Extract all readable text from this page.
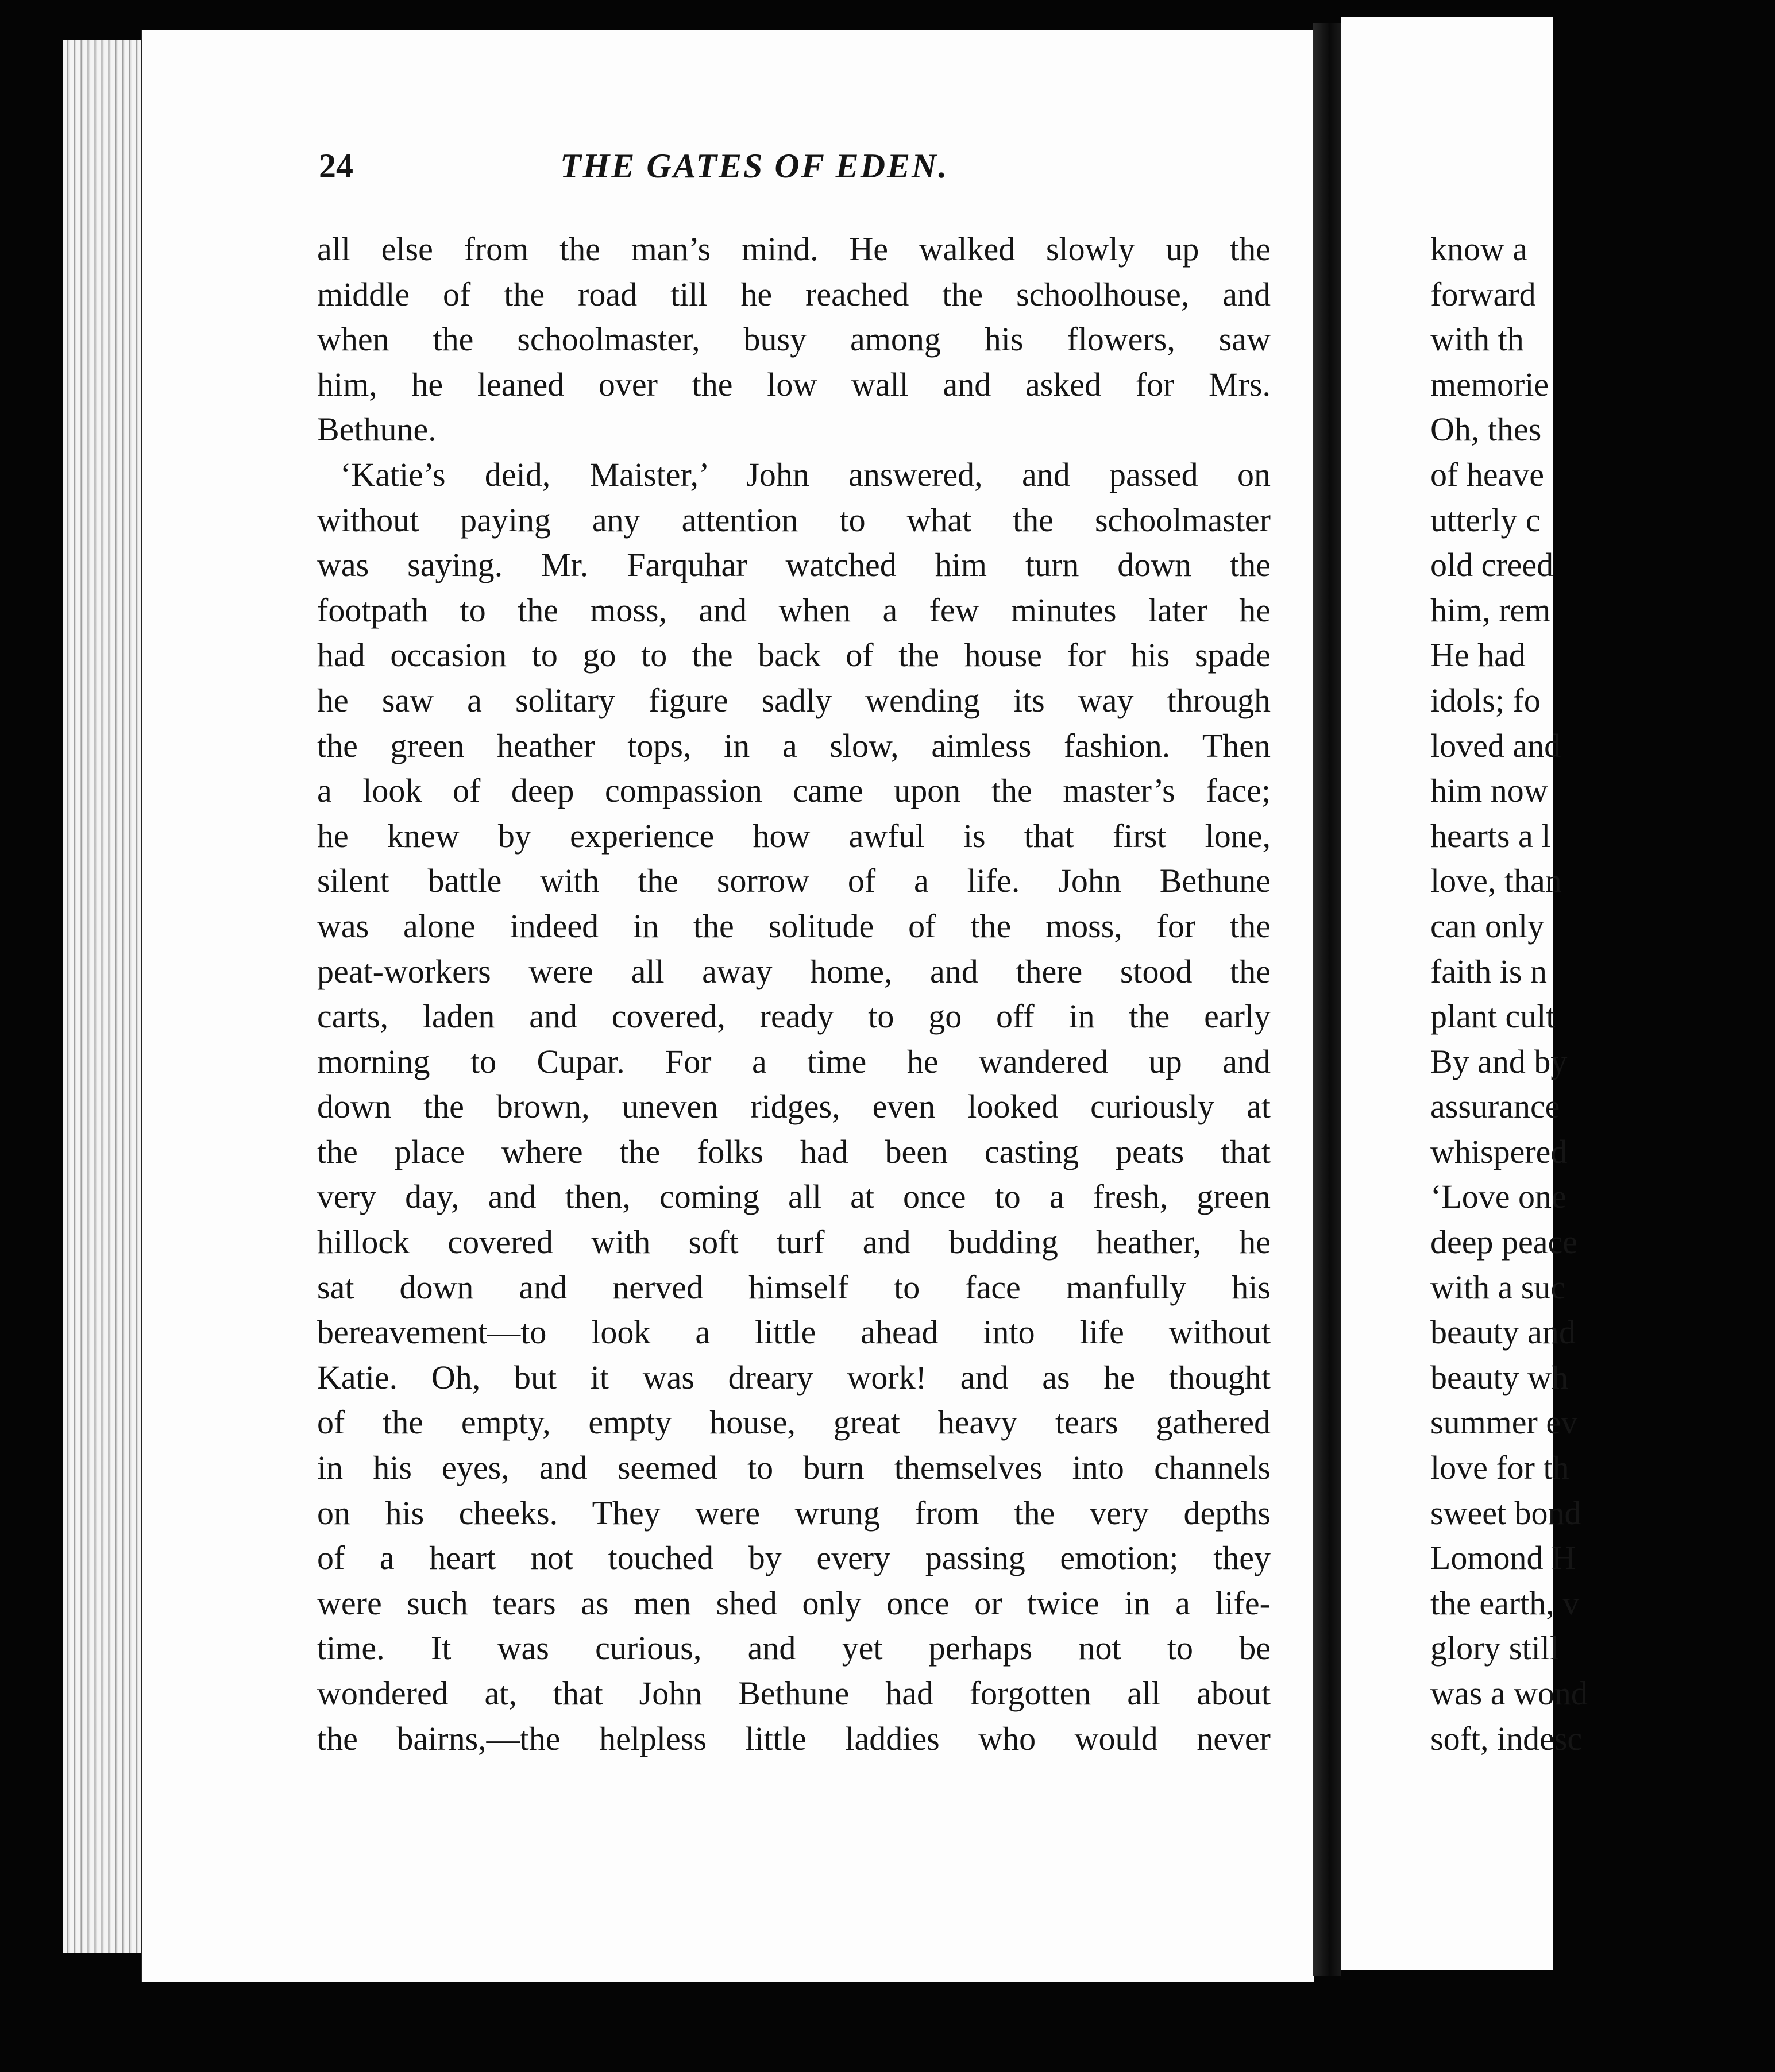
24	THE GATES OF EDEN.
all else from the man’s mind. He walked slowly up the
middle of the road till he reached the schoolhouse, and
when the schoolmaster, busy among his flowers, saw
him, he leaned over the low wall and asked for Mrs.
Bethune.
‘Katie’s deid, Maister,’ John answered, and passed on
without paying any attention to what the schoolmaster
was saying. Mr. Farquhar watched him turn down the
footpath to the moss, and when a few minutes later he
had occasion to go to the back of the house for his spade
he saw a solitary figure sadly wending its way through
the green heather tops, in a slow, aimless fashion. Then
a look of deep compassion came upon the master’s face;
he knew by experience how awful is that first lone,
silent battle with the sorrow of a life. John Bethune
was alone indeed in the solitude of the moss, for the
peat-workers were all away home, and there stood the
carts, laden and covered, ready to go off in the early
morning to Cupar. For a time he wandered up and
down the brown, uneven ridges, even looked curiously at
the place where the folks had been casting peats that
very day, and then, coming all at once to a fresh, green
hillock covered with soft turf and budding heather, he
sat down and nerved himself to face manfully his
bereavement—to look a little ahead into life without
Katie. Oh, but it was dreary work! and as he thought
of the empty, empty house, great heavy tears gathered
in his eyes, and seemed to burn themselves into channels
on his cheeks. They were wrung from the very depths
of a heart not touched by every passing emotion; they
were such tears as men shed only once or twice in a life-
time. It was curious, and yet perhaps not to be
wondered at, that John Bethune had forgotten all about
the bairns,—the helpless little laddies who would never
know a
forward
with th
memorie
Oh, thes
of heave
utterly c
old creed
him, rem
He had
idols; fo
loved and
him now
hearts a l
love, than
can only
faith is n
plant cult
By and by
assurance
whispered
‘Love one
deep peace
with a suc
beauty and
beauty wh
summer ev
love for th
sweet bond
Lomond H
the earth, v
glory still
was a wond
soft, indesc
